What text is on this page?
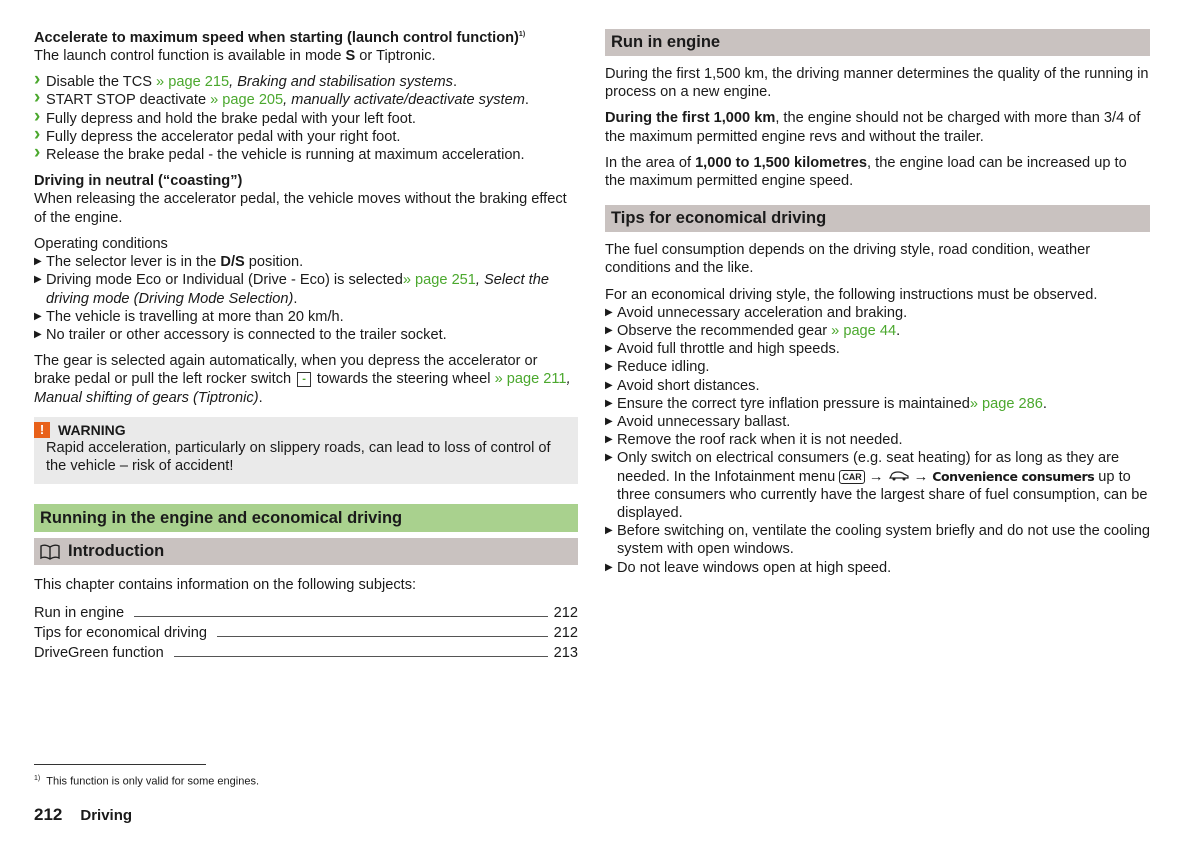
Accelerate to maximum speed when starting (launch control function)$^{1)}$

The launch control function is available in mode S or Tiptronic.

› Disable the TCS » page 215, Braking and stabilisation systems.
› START STOP deactivate » page 205, manually activate/deactivate system.
› Fully depress and hold the brake pedal with your left foot.
› Fully depress the accelerator pedal with your right foot.
› Release the brake pedal - the vehicle is running at maximum acceleration.

Driving in neutral (“coasting”)

When releasing the accelerator pedal, the vehicle moves without the braking effect of the engine.

Operating conditions

▶ The selector lever is in the D/S position.
▶ Driving mode Eco or Individual (Drive - Eco) is selected» page 251, Select the driving mode (Driving Mode Selection).
▶ The vehicle is travelling at more than 20 km/h.
▶ No trailer or other accessory is connected to the trailer socket.

The gear is selected again automatically, when you depress the accelerator or brake pedal or pull the left rocker switch - towards the steering wheel » page 211, Manual shifting of gears (Tiptronic).

! WARNING

Rapid acceleration, particularly on slippery roads, can lead to loss of control of the vehicle – risk of accident!

Running in the engine and economical driving
Introduction

This chapter contains information on the following subjects:

Run in engine	212
Tips for economical driving	212
DriveGreen function	213
Run in engine

During the first 1,500 km, the driving manner determines the quality of the running in process on a new engine.

During the first 1,000 km, the engine should not be charged with more than 3/4 of the maximum permitted engine revs and without the trailer.

In the area of 1,000 to 1,500 kilometres, the engine load can be increased up to the maximum permitted engine speed.

Tips for economical driving

The fuel consumption depends on the driving style, road condition, weather conditions and the like.

For an economical driving style, the following instructions must be observed.

▶ Avoid unnecessary acceleration and braking.
▶ Observe the recommended gear » page 44.
▶ Avoid full throttle and high speeds.
▶ Reduce idling.
▶ Avoid short distances.
▶ Ensure the correct tyre inflation pressure is maintained» page 286.
▶ Avoid unnecessary ballast.
▶ Remove the roof rack when it is not needed.
▶ Only switch on electrical consumers (e.g. seat heating) for as long as they are needed. In the Infotainment menu CAR →  → Convenience consumers up to three consumers who currently have the largest share of fuel consumption, can be displayed.
▶ Before switching on, ventilate the cooling system briefly and do not use the cooling system with open windows.
▶ Do not leave windows open at high speed.
$^{1)}$ This function is only valid for some engines.
212 Driving
